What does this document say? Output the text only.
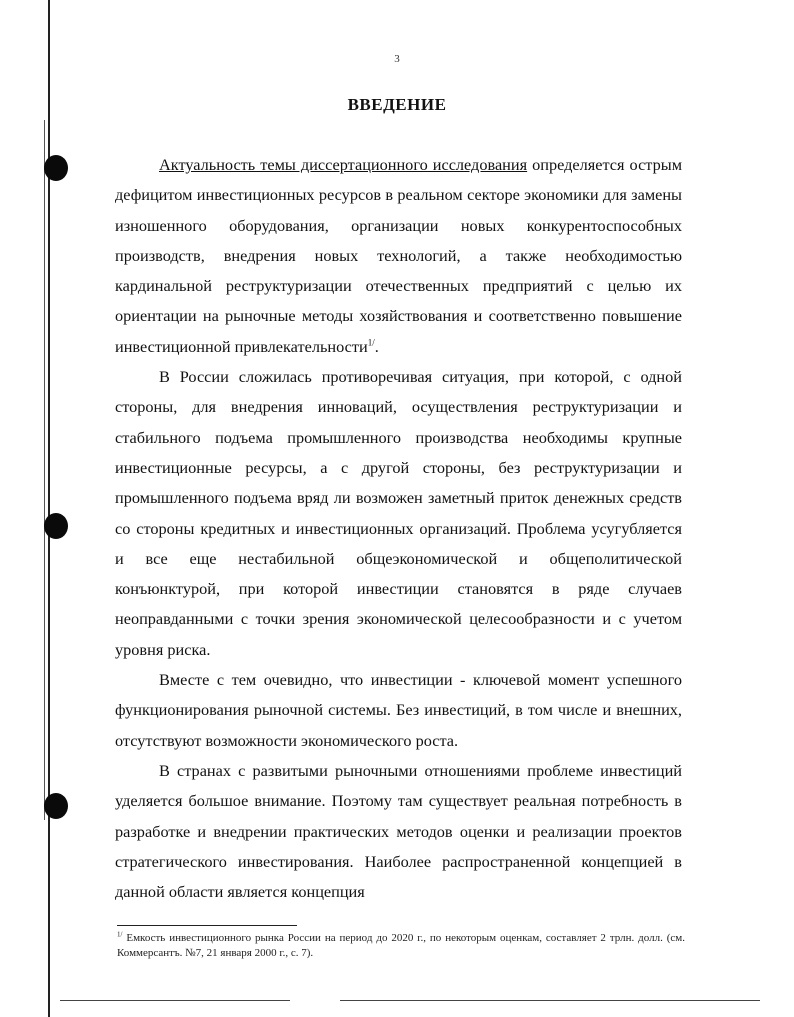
3
ВВЕДЕНИЕ

Актуальность темы диссертационного исследования определяется острым дефицитом инвестиционных ресурсов в реальном секторе экономики для замены изношенного оборудования, организации новых конкурентоспособных производств, внедрения новых технологий, а также необходимостью кардинальной реструктуризации отечественных предприятий с целью их ориентации на рыночные методы хозяйствования и соответственно повышение инвестиционной привлекательности$^{1/}$.

В России сложилась противоречивая ситуация, при которой, с одной стороны, для внедрения инноваций, осуществления реструктуризации и стабильного подъема промышленного производства необходимы крупные инвестиционные ресурсы, а с другой стороны, без реструктуризации и промышленного подъема вряд ли возможен заметный приток денежных средств со стороны кредитных и инвестиционных организаций. Проблема усугубляется и все еще нестабильной общеэкономической и общеполитической конъюнктурой, при которой инвестиции становятся в ряде случаев неоправданными с точки зрения экономической целесообразности и с учетом уровня риска.

Вместе с тем очевидно, что инвестиции - ключевой момент успешного функционирования рыночной системы. Без инвестиций, в том числе и внешних, отсутствуют возможности экономического роста.

В странах с развитыми рыночными отношениями проблеме инвестиций уделяется большое внимание. Поэтому там существует реальная потребность в разработке и внедрении практических методов оценки и реализации проектов стратегического инвестирования. Наиболее распространенной концепцией в данной области является концепция

$^{1/}$ Емкость инвестиционного рынка России на период до 2020 г., по некоторым оценкам, составляет 2 трлн. долл. (см. Коммерсантъ. №7, 21 января 2000 г., с. 7).
